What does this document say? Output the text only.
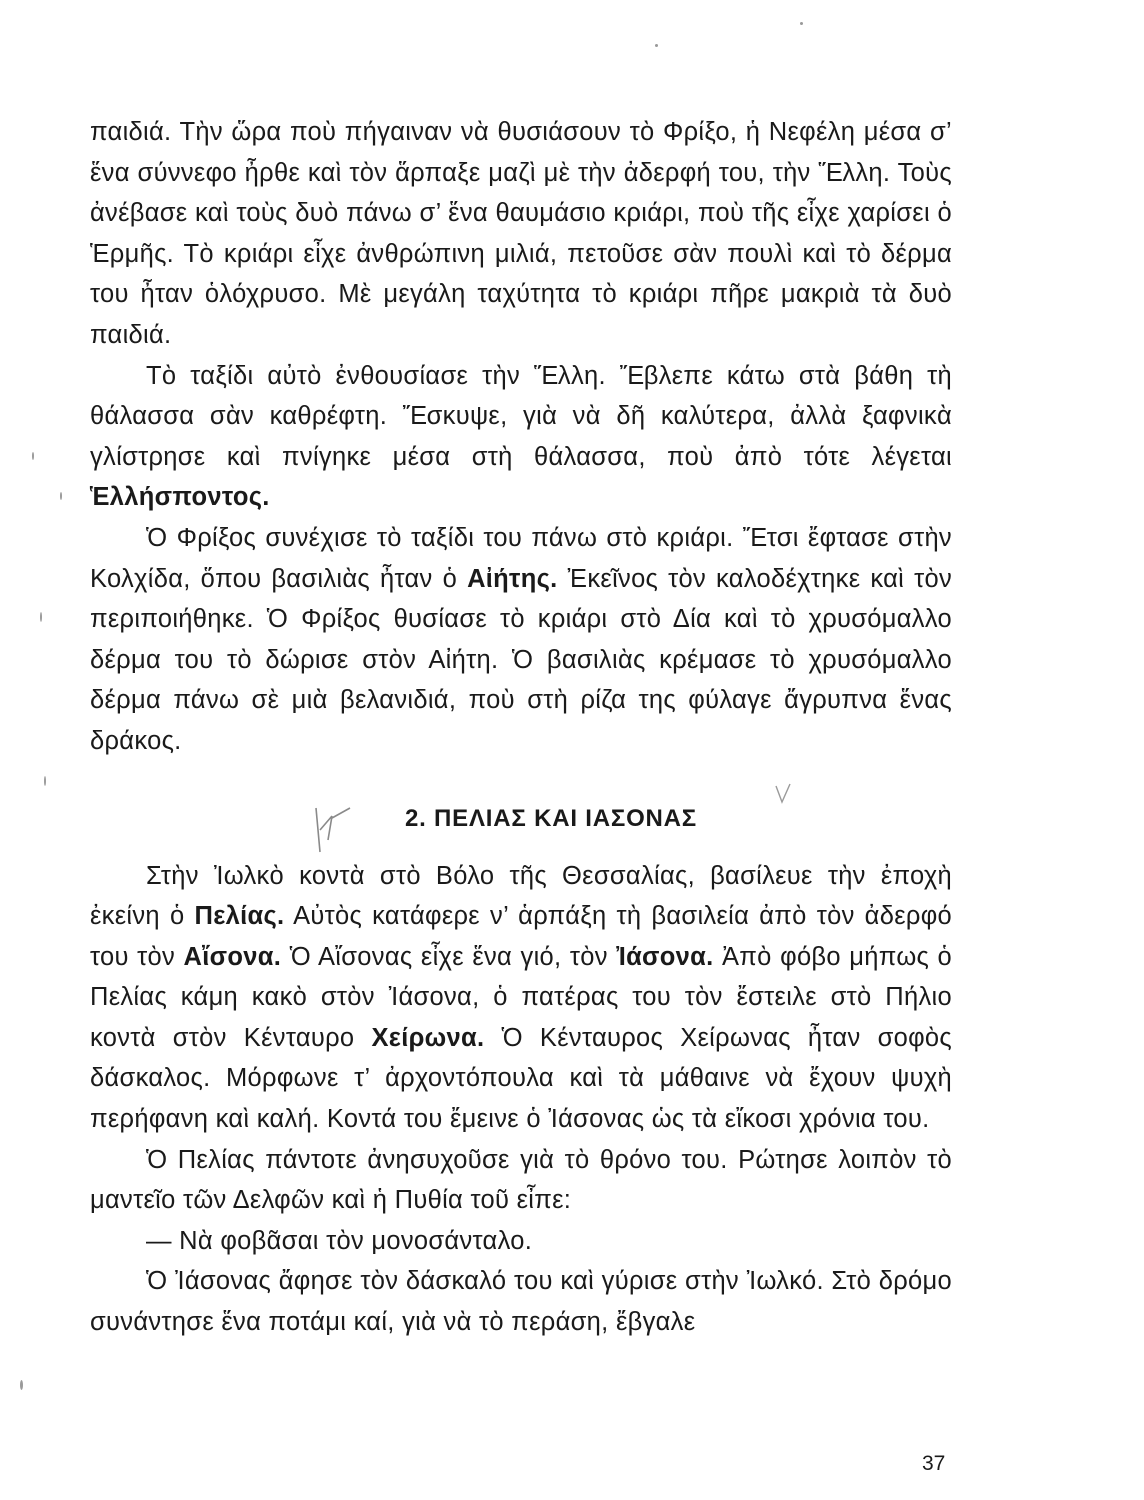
παιδιά. Τὴν ὥρα ποὺ πήγαιναν νὰ θυσιάσουν τὸ Φρίξο, ἡ Νεφέλη μέσα σ’ ἕνα σύννεφο ἦρθε καὶ τὸν ἅρπαξε μαζὶ μὲ τὴν ἀδερφή του, τὴν Ἕλλη. Τοὺς ἀνέβασε καὶ τοὺς δυὸ πάνω σ’ ἕνα θαυμάσιο κριάρι, ποὺ τῆς εἶχε χαρίσει ὁ Ἑρμῆς. Τὸ κριάρι εἶχε ἀνθρώπινη μιλιά, πετοῦσε σὰν πουλὶ καὶ τὸ δέρμα του ἦταν ὁλόχρυσο. Μὲ μεγάλη ταχύτητα τὸ κριάρι πῆρε μακριὰ τὰ δυὸ παιδιά.

Τὸ ταξίδι αὐτὸ ἐνθουσίασε τὴν Ἕλλη. Ἔβλεπε κάτω στὰ βάθη τὴ θάλασσα σὰν καθρέφτη. Ἔσκυψε, γιὰ νὰ δῆ καλύτερα, ἀλλὰ ξαφνικὰ γλίστρησε καὶ πνίγηκε μέσα στὴ θάλασσα, ποὺ ἀπὸ τότε λέγεται Ἑλλήσποντος.

Ὁ Φρίξος συνέχισε τὸ ταξίδι του πάνω στὸ κριάρι. Ἔτσι ἔφτασε στὴν Κολχίδα, ὅπου βασιλιὰς ἦταν ὁ Αἰήτης. Ἐκεῖνος τὸν καλοδέχτηκε καὶ τὸν περιποιήθηκε. Ὁ Φρίξος θυσίασε τὸ κριάρι στὸ Δία καὶ τὸ χρυσόμαλλο δέρμα του τὸ δώρισε στὸν Αἰήτη. Ὁ βασιλιὰς κρέμασε τὸ χρυσόμαλλο δέρμα πάνω σὲ μιὰ βελανιδιά, ποὺ στὴ ρίζα της φύλαγε ἄγρυπνα ἕνας δράκος.

2. ΠΕΛΙΑΣ ΚΑΙ ΙΑΣΟΝΑΣ

Στὴν Ἰωλκὸ κοντὰ στὸ Βόλο τῆς Θεσσαλίας, βασίλευε τὴν ἐποχὴ ἐκείνη ὁ Πελίας. Αὐτὸς κατάφερε ν’ ἁρπάξη τὴ βασιλεία ἀπὸ τὸν ἀδερφό του τὸν Αἴσονα. Ὁ Αἴσονας εἶχε ἕνα γιό, τὸν Ἰάσονα. Ἀπὸ φόβο μήπως ὁ Πελίας κάμη κακὸ στὸν Ἰάσονα, ὁ πατέρας του τὸν ἔστειλε στὸ Πήλιο κοντὰ στὸν Κένταυρο Χείρωνα. Ὁ Κένταυρος Χείρωνας ἦταν σοφὸς δάσκαλος. Μόρφωνε τ’ ἀρχοντόπουλα καὶ τὰ μάθαινε νὰ ἔχουν ψυχὴ περήφανη καὶ καλή. Κοντά του ἔμεινε ὁ Ἰάσονας ὡς τὰ εἴκοσι χρόνια του.

Ὁ Πελίας πάντοτε ἀνησυχοῦσε γιὰ τὸ θρόνο του. Ρώτησε λοιπὸν τὸ μαντεῖο τῶν Δελφῶν καὶ ἡ Πυθία τοῦ εἶπε:

— Νὰ φοβᾶσαι τὸν μονοσάνταλο.

Ὁ Ἰάσονας ἄφησε τὸν δάσκαλό του καὶ γύρισε στὴν Ἰωλκό. Στὸ δρόμο συνάντησε ἕνα ποτάμι καί, γιὰ νὰ τὸ περάση, ἔβγαλε

37
